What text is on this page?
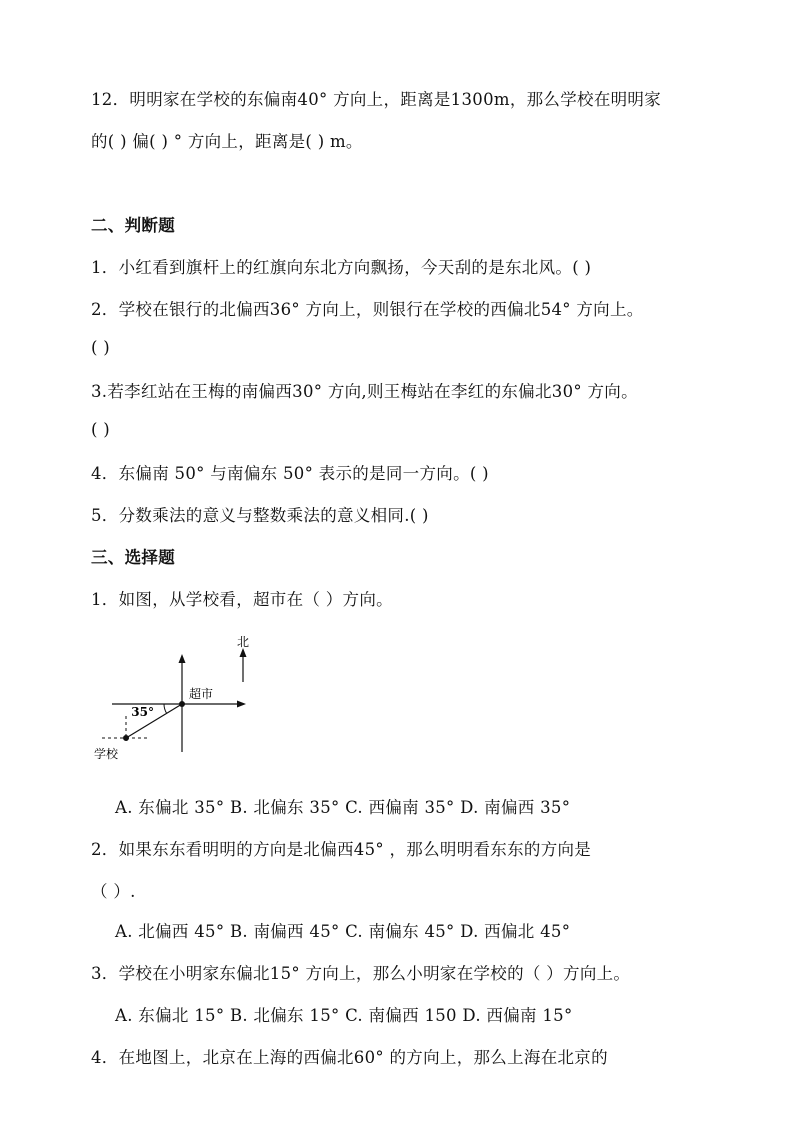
12．明明家在学校的东偏南40° 方向上，距离是1300m，那么学校在明明家
的( ) 偏( ) ° 方向上，距离是( ) m。
二、判断题
1．小红看到旗杆上的红旗向东北方向飘扬，今天刮的是东北风。( )
2．学校在银行的北偏西36° 方向上，则银行在学校的西偏北54° 方向上。
( )
3.若李红站在王梅的南偏西30° 方向,则王梅站在李红的东偏北30° 方向。
( )
4．东偏南 50° 与南偏东 50° 表示的是同一方向。( )
5．分数乘法的意义与整数乘法的意义相同.( )
三、选择题
1．如图，从学校看，超市在（ ）方向。
北
35°
超市
学校
A. 东偏北 35° B. 北偏东 35° C. 西偏南 35° D. 南偏西 35°
2．如果东东看明明的方向是北偏西45° ，那么明明看东东的方向是
（ ）.
A. 北偏西 45° B. 南偏西 45° C. 南偏东 45° D. 西偏北 45°
3．学校在小明家东偏北15° 方向上，那么小明家在学校的（ ）方向上。
A. 东偏北 15° B. 北偏东 15° C. 南偏西 150 D. 西偏南 15°
4．在地图上，北京在上海的西偏北60° 的方向上，那么上海在北京的
